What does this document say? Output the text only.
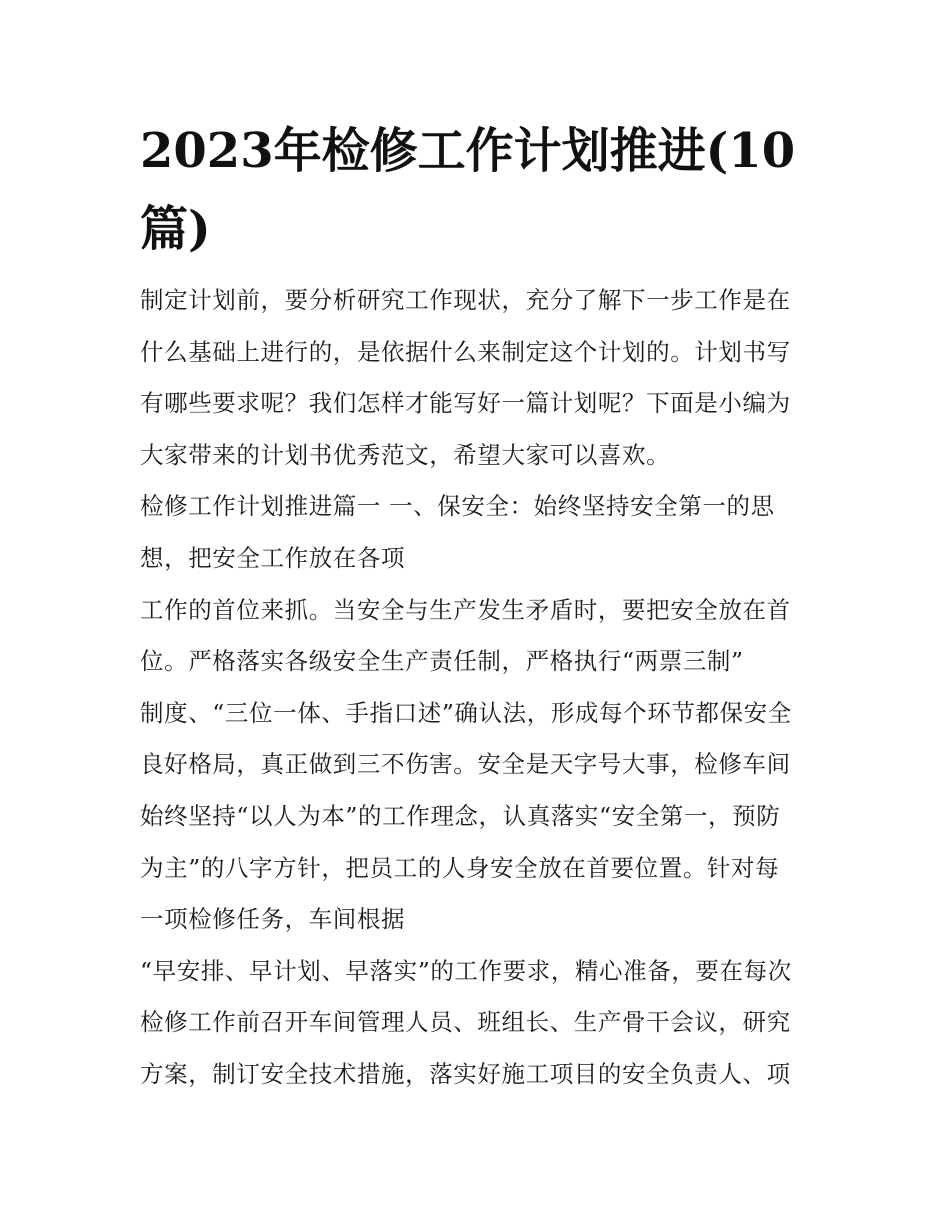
2023年检修工作计划推进(10
篇)
制定计划前，要分析研究工作现状，充分了解下一步工作是在
什么基础上进行的，是依据什么来制定这个计划的。计划书写
有哪些要求呢？我们怎样才能写好一篇计划呢？下面是小编为
大家带来的计划书优秀范文，希望大家可以喜欢。
检修工作计划推进篇一 一、保安全：始终坚持安全第一的思
想，把安全工作放在各项
工作的首位来抓。当安全与生产发生矛盾时，要把安全放在首
位。严格落实各级安全生产责任制，严格执行“两票三制”
制度、“三位一体、手指口述”确认法，形成每个环节都保安全
良好格局，真正做到三不伤害。安全是天字号大事，检修车间
始终坚持“以人为本”的工作理念，认真落实“安全第一，预防
为主”的八字方针，把员工的人身安全放在首要位置。针对每
一项检修任务，车间根据
“早安排、早计划、早落实”的工作要求，精心准备，要在每次
检修工作前召开车间管理人员、班组长、生产骨干会议，研究
方案，制订安全技术措施，落实好施工项目的安全负责人、项
